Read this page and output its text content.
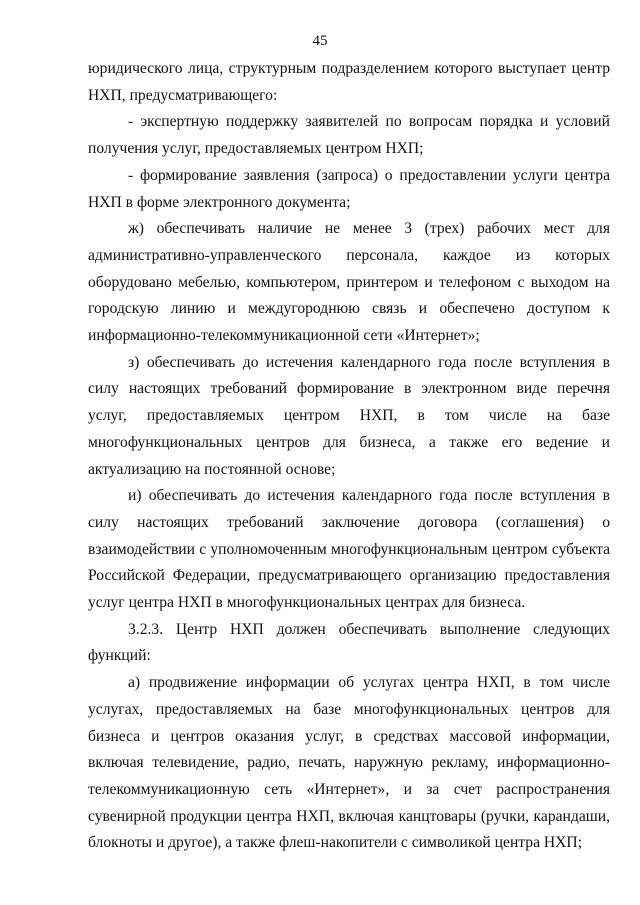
45

юридического лица, структурным подразделением которого выступает центр НХП, предусматривающего:

- экспертную поддержку заявителей по вопросам порядка и условий получения услуг, предоставляемых центром НХП;

- формирование заявления (запроса) о предоставлении услуги центра НХП в форме электронного документа;

ж) обеспечивать наличие не менее 3 (трех) рабочих мест для административно-управленческого персонала, каждое из которых оборудовано мебелью, компьютером, принтером и телефоном с выходом на городскую линию и междугороднюю связь и обеспечено доступом к информационно-телекоммуникационной сети «Интернет»;

з) обеспечивать до истечения календарного года после вступления в силу настоящих требований формирование в электронном виде перечня услуг, предоставляемых центром НХП, в том числе на базе многофункциональных центров для бизнеса, а также его ведение и актуализацию на постоянной основе;

и) обеспечивать до истечения календарного года после вступления в силу настоящих требований заключение договора (соглашения) о взаимодействии с уполномоченным многофункциональным центром субъекта Российской Федерации, предусматривающего организацию предоставления услуг центра НХП в многофункциональных центрах для бизнеса.

3.2.3. Центр НХП должен обеспечивать выполнение следующих функций:

а) продвижение информации об услугах центра НХП, в том числе услугах, предоставляемых на базе многофункциональных центров для бизнеса и центров оказания услуг, в средствах массовой информации, включая телевидение, радио, печать, наружную рекламу, информационно-телекоммуникационную сеть «Интернет», и за счет распространения сувенирной продукции центра НХП, включая канцтовары (ручки, карандаши, блокноты и другое), а также флеш-накопители с символикой центра НХП;
